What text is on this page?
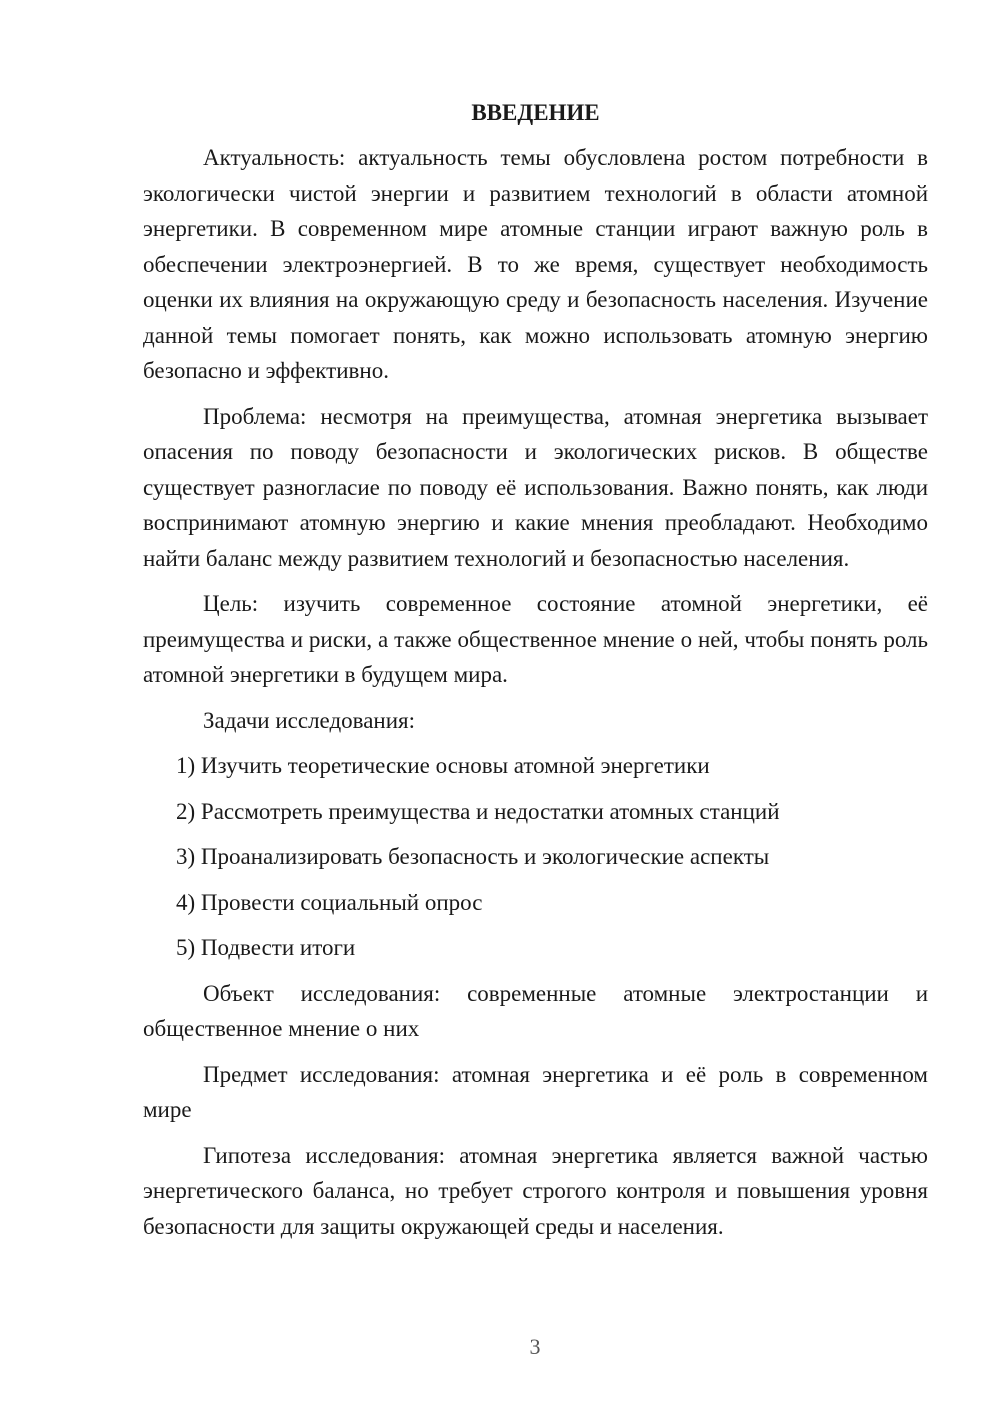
ВВЕДЕНИЕ

Актуальность: актуальность темы обусловлена ростом потребности в экологически чистой энергии и развитием технологий в области атомной энергетики. В современном мире атомные станции играют важную роль в обеспечении электроэнергией. В то же время, существует необходимость оценки их влияния на окружающую среду и безопасность населения. Изучение данной темы помогает понять, как можно использовать атомную энергию безопасно и эффективно.

Проблема: несмотря на преимущества, атомная энергетика вызывает опасения по поводу безопасности и экологических рисков. В обществе существует разногласие по поводу её использования. Важно понять, как люди воспринимают атомную энергию и какие мнения преобладают. Необходимо найти баланс между развитием технологий и безопасностью населения.

Цель: изучить современное состояние атомной энергетики, её преимущества и риски, а также общественное мнение о ней, чтобы понять роль атомной энергетики в будущем мира.

Задачи исследования:

1) Изучить теоретические основы атомной энергетики
2) Рассмотреть преимущества и недостатки атомных станций
3) Проанализировать безопасность и экологические аспекты
4) Провести социальный опрос
5) Подвести итоги

Объект исследования: современные атомные электростанции и общественное мнение о них

Предмет исследования: атомная энергетика и её роль в современном мире

Гипотеза исследования: атомная энергетика является важной частью энергетического баланса, но требует строгого контроля и повышения уровня безопасности для защиты окружающей среды и населения.

3
